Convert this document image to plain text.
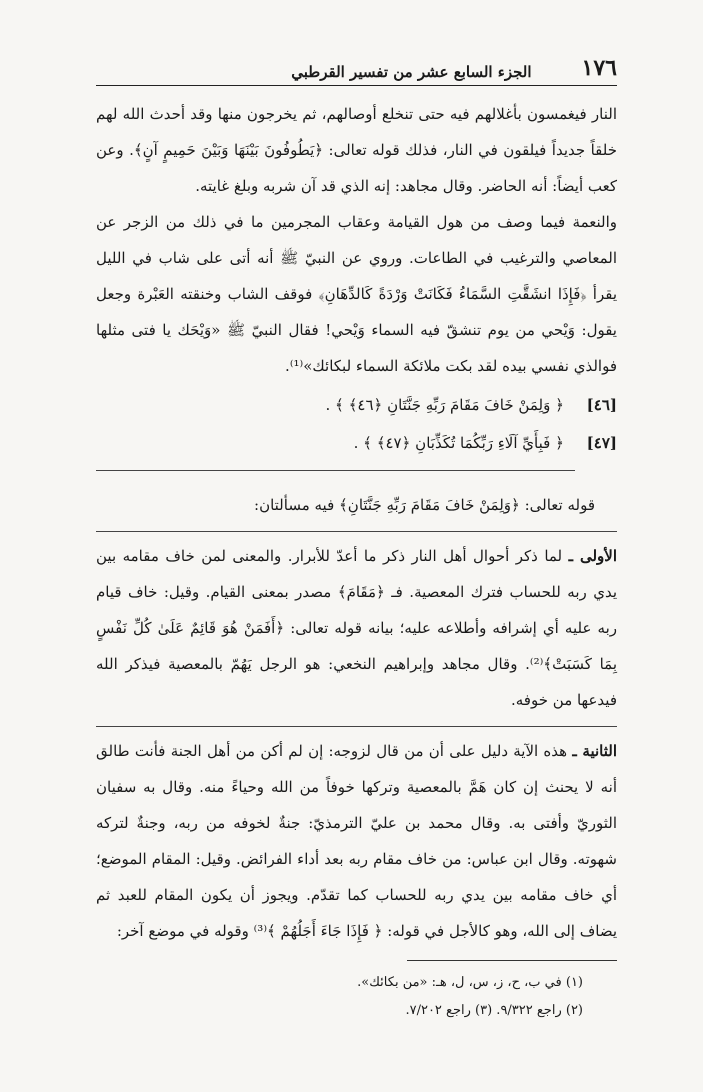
١٧٦
الجزء السابع عشر من تفسير القرطبي

النار فيغمسون بأغلالهم فيه حتى تنخلع أوصالهم، ثم يخرجون منها وقد أحدث الله لهم خلقاً جديداً فيلقون في النار، فذلك قوله تعالى: ﴿يَطُوفُونَ بَيْنَهَا وَبَيْنَ حَمِيمٍ آنٍ﴾. وعن كعب أيضاً: أنه الحاضر. وقال مجاهد: إنه الذي قد آن شربه وبلغ غايته.

والنعمة فيما وصف من هول القيامة وعقاب المجرمين ما في ذلك من الزجر عن المعاصي والترغيب في الطاعات. وروي عن النبيّ ﷺ أنه أتى على شاب في الليل يقرأ ﴿فَإِذَا انشَقَّتِ السَّمَاءُ فَكَانَتْ وَرْدَةً كَالدِّهَانِ﴾ فوقف الشاب وخنقته العَبْرة وجعل يقول: وَيْحي من يوم تنشقّ فيه السماء وَيْحي! فقال النبيّ ﷺ «وَيْحَك يا فتى مثلها فوالذي نفسي بيده لقد بكت ملائكة السماء لبكائك»⁽¹⁾.

[٤٦] ﴿ وَلِمَنْ خَافَ مَقَامَ رَبِّهِ جَنَّتَانِ ﴿٤٦﴾ ﴾ .
[٤٧] ﴿ فَبِأَيِّ آلَاءِ رَبِّكُمَا تُكَذِّبَانِ ﴿٤٧﴾ ﴾ .

قوله تعالى: ﴿وَلِمَنْ خَافَ مَقَامَ رَبِّهِ جَنَّتَانِ﴾ فيه مسألتان:

الأولى ـ لما ذكر أحوال أهل النار ذكر ما أعدّ للأبرار. والمعنى لمن خاف مقامه بين يدي ربه للحساب فترك المعصية. فـ ﴿مَقَامَ﴾ مصدر بمعنى القيام. وقيل: خاف قيام ربه عليه أي إشرافه وأطلاعه عليه؛ بيانه قوله تعالى: ﴿أَفَمَنْ هُوَ قَائِمٌ عَلَىٰ كُلِّ نَفْسٍ بِمَا كَسَبَتْ﴾⁽²⁾. وقال مجاهد وإبراهيم النخعي: هو الرجل يَهُمّ بالمعصية فيذكر الله فيدعها من خوفه.

الثانية ـ هذه الآية دليل على أن من قال لزوجه: إن لم أكن من أهل الجنة فأنت طالق أنه لا يحنث إن كان هَمَّ بالمعصية وتركها خوفاً من الله وحياءً منه. وقال به سفيان الثوريّ وأفتى به. وقال محمد بن عليّ الترمذيّ: جنةٌ لخوفه من ربه، وجنةٌ لتركه شهوته. وقال ابن عباس: من خاف مقام ربه بعد أداء الفرائض. وقيل: المقام الموضع؛ أي خاف مقامه بين يدي ربه للحساب كما تقدّم. ويجوز أن يكون المقام للعبد ثم يضاف إلى الله، وهو كالأجل في قوله: ﴿ فَإِذَا جَاءَ أَجَلُهُمْ ﴾⁽³⁾ وقوله في موضع آخر:

(١) في ب، ح، ز، س، ل، هـ: «من بكائك».
(٢) راجع ٩/٣٢٢. (٣) راجع ٧/٢٠٢.
